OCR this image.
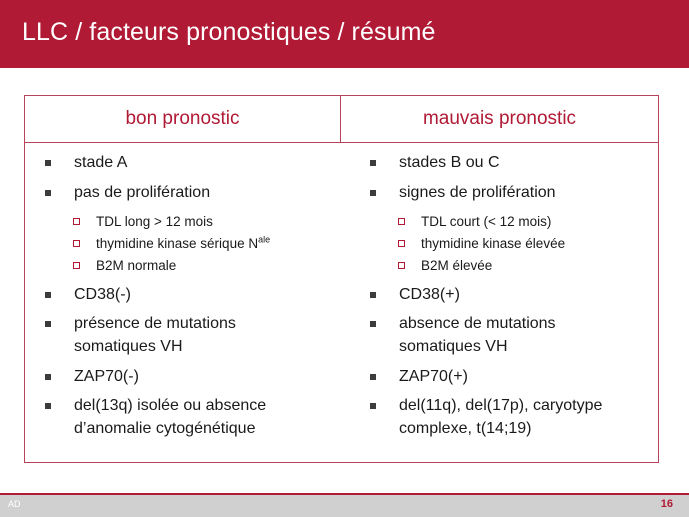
LLC / facteurs pronostiques / résumé
bon pronostic	mauvais pronostic
stade A
pas de prolifération
TDL long > 12 mois
thymidine kinase sérique $N^{ale}$
B2M normale
CD38(-)
présence de mutations
somatiques VH
ZAP70(-)
del(13q) isolée ou absence
d’anomalie cytogénétique
stades B ou C
signes de prolifération
TDL court (< 12 mois)
thymidine kinase élevée
B2M élevée
CD38(+)
absence de mutations
somatiques VH
ZAP70(+)
del(11q), del(17p), caryotype
complexe, t(14;19)
AD	16
